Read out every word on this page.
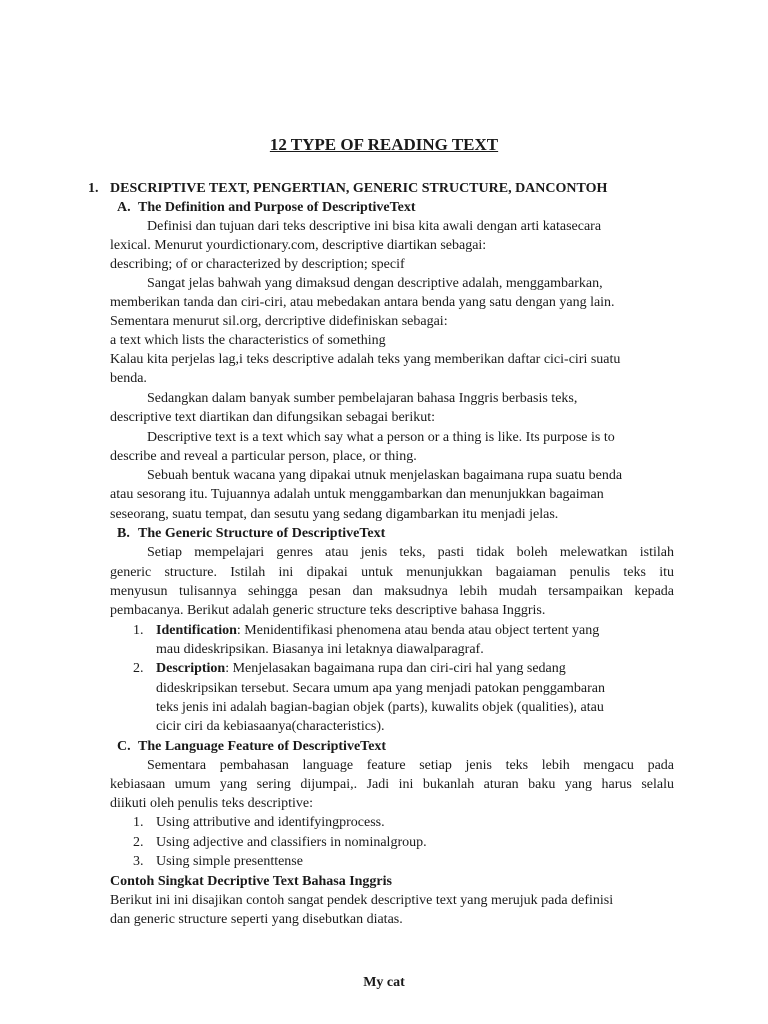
12 TYPE OF READING TEXT
1. DESCRIPTIVE TEXT, PENGERTIAN, GENERIC STRUCTURE, DANCONTOH
A. The Definition and Purpose of DescriptiveText
Definisi dan tujuan dari teks descriptive ini bisa kita awali dengan arti katasecara
lexical. Menurut yourdictionary.com, descriptive diartikan sebagai:
describing; of or characterized by description; specif
Sangat jelas bahwah yang dimaksud dengan descriptive adalah, menggambarkan,
memberikan tanda dan ciri-ciri, atau mebedakan antara benda yang satu dengan yang lain.
Sementara menurut sil.org, dercriptive didefiniskan sebagai:
a text which lists the characteristics of something
Kalau kita perjelas lag,i teks descriptive adalah teks yang memberikan daftar cici-ciri suatu
benda.
Sedangkan dalam banyak sumber pembelajaran bahasa Inggris berbasis teks,
descriptive text diartikan dan difungsikan sebagai berikut:
Descriptive text is a text which say what a person or a thing is like. Its purpose is to
describe and reveal a particular person, place, or thing.
Sebuah bentuk wacana yang dipakai utnuk menjelaskan bagaimana rupa suatu benda
atau sesorang itu. Tujuannya adalah untuk menggambarkan dan menunjukkan bagaiman
seseorang, suatu tempat, dan sesutu yang sedang digambarkan itu menjadi jelas.
B. The Generic Structure of DescriptiveText
Setiap mempelajari genres atau jenis teks, pasti tidak boleh melewatkan istilah
generic structure. Istilah ini dipakai untuk menunjukkan bagaiaman penulis teks itu
menyusun tulisannya sehingga pesan dan maksudnya lebih mudah tersampaikan kepada
pembacanya. Berikut adalah generic structure teks descriptive bahasa Inggris.
1. Identification: Menidentifikasi phenomena atau benda atau object tertent yang
mau dideskripsikan. Biasanya ini letaknya diawalparagraf.
2. Description: Menjelasakan bagaimana rupa dan ciri-ciri hal yang sedang
dideskripsikan tersebut. Secara umum apa yang menjadi patokan penggambaran
teks jenis ini adalah bagian-bagian objek (parts), kuwalits objek (qualities), atau
cicir ciri da kebiasaanya(characteristics).
C. The Language Feature of DescriptiveText
Sementara pembahasan language feature setiap jenis teks lebih mengacu pada
kebiasaan umum yang sering dijumpai,. Jadi ini bukanlah aturan baku yang harus selalu
diikuti oleh penulis teks descriptive:
1. Using attributive and identifyingprocess.
2. Using adjective and classifiers in nominalgroup.
3. Using simple presenttense
Contoh Singkat Decriptive Text Bahasa Inggris
Berikut ini ini disajikan contoh sangat pendek descriptive text yang merujuk pada definisi
dan generic structure seperti yang disebutkan diatas.
My cat
